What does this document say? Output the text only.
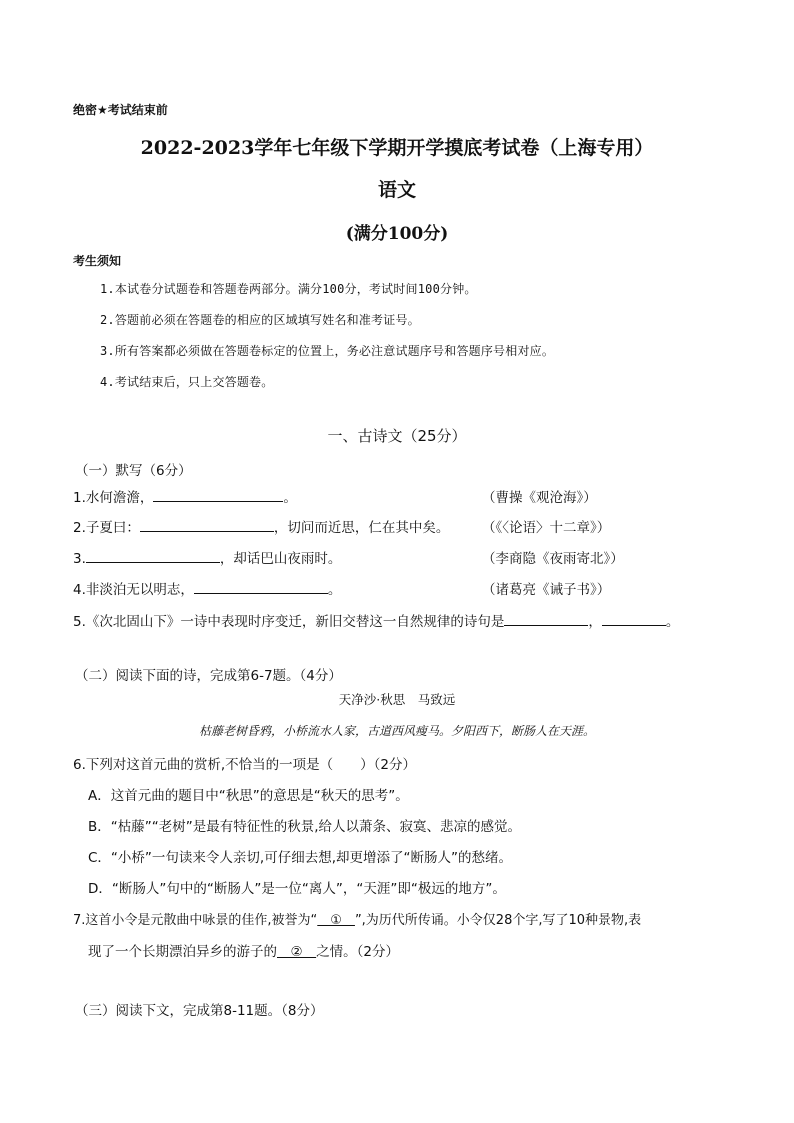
绝密★考试结束前
2022-2023学年七年级下学期开学摸底考试卷（上海专用）
语文
(满分100分)
考生须知
1.本试卷分试题卷和答题卷两部分。满分100分，考试时间100分钟。
2.答题前必须在答题卷的相应的区域填写姓名和准考证号。
3.所有答案都必须做在答题卷标定的位置上，务必注意试题序号和答题序号相对应。
4.考试结束后，只上交答题卷。
一、古诗文（25分）
（一）默写（6分）
1.水何澹澹，	。	（曹操《观沧海》）
2.子夏曰：	，切问而近思，仁在其中矣。 （《〈论语〉十二章》）
3.	，却话巴山夜雨时。	（李商隐《夜雨寄北》）
4.非淡泊无以明志，	。	（诸葛亮《诫子书》）
5.《次北固山下》一诗中表现时序变迁，新旧交替这一自然规律的诗句是	，	。
（二）阅读下面的诗，完成第6-7题。（4分）
天净沙·秋思　马致远
枯藤老树昏鸦，小桥流水人家，古道西风瘦马。夕阳西下，断肠人在天涯。
6.下列对这首元曲的赏析,不恰当的一项是（　　）（2分）
A．这首元曲的题目中“秋思”的意思是“秋天的思考”。
B．“枯藤”“老树”是最有特征性的秋景,给人以萧条、寂寞、悲凉的感觉。
C．“小桥”一句读来令人亲切,可仔细去想,却更增添了“断肠人”的愁绪。
D．“断肠人”句中的“断肠人”是一位“离人”，“天涯”即“极远的地方”。
7.这首小令是元散曲中咏景的佳作,被誉为“　①　”,为历代所传诵。小令仅28个字,写了10种景物,表
现了一个长期漂泊异乡的游子的　②　之情。（2分）
（三）阅读下文，完成第8-11题。（8分）
